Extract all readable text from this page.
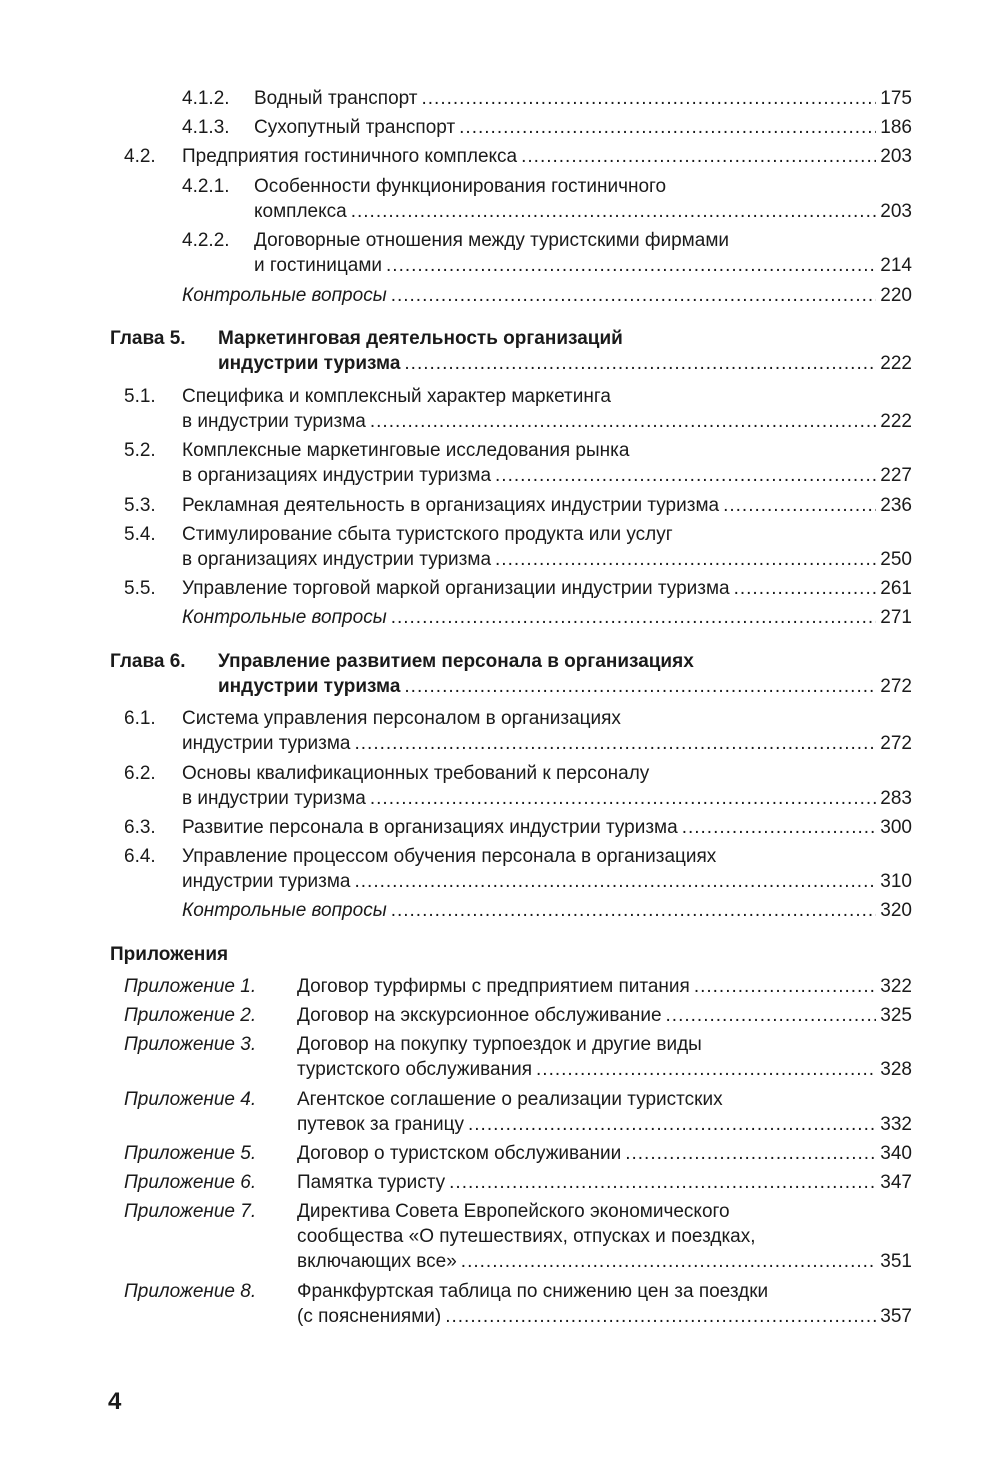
4.1.2. Водный транспорт .....	175
4.1.3. Сухопутный транспорт .....	186
4.2. Предприятия гостиничного комплекса .....	203
4.2.1. Особенности функционирования гостиничного
комплекса .....	203
4.2.2. Договорные отношения между туристскими фирмами
и гостиницами .....	214
Контрольные вопросы .....	220
Глава 5. Маркетинговая деятельность организаций
индустрии туризма .....	222
5.1. Специфика и комплексный характер маркетинга
в индустрии туризма .....	222
5.2. Комплексные маркетинговые исследования рынка
в организациях индустрии туризма .....	227
5.3. Рекламная деятельность в организациях индустрии туризма .....	236
5.4. Стимулирование сбыта туристского продукта или услуг
в организациях индустрии туризма .....	250
5.5. Управление торговой маркой организации индустрии туризма .....	261
Контрольные вопросы .....	271
Глава 6. Управление развитием персонала в организациях
индустрии туризма .....	272
6.1. Система управления персоналом в организациях
индустрии туризма .....	272
6.2. Основы квалификационных требований к персоналу
в индустрии туризма .....	283
6.3. Развитие персонала в организациях индустрии туризма .....	300
6.4. Управление процессом обучения персонала в организациях
индустрии туризма .....	310
Контрольные вопросы .....	320
Приложения
Приложение 1. Договор турфирмы с предприятием питания .....	322
Приложение 2. Договор на экскурсионное обслуживание .....	325
Приложение 3. Договор на покупку турпоездок и другие виды
туристского обслуживания .....	328
Приложение 4. Агентское соглашение о реализации туристских
путевок за границу .....	332
Приложение 5. Договор о туристском обслуживании .....	340
Приложение 6. Памятка туристу .....	347
Приложение 7. Директива Совета Европейского экономического
сообщества «О путешествиях, отпусках и поездках,
включающих все» .....	351
Приложение 8. Франкфуртская таблица по снижению цен за поездки
(с пояснениями) .....	357
4
